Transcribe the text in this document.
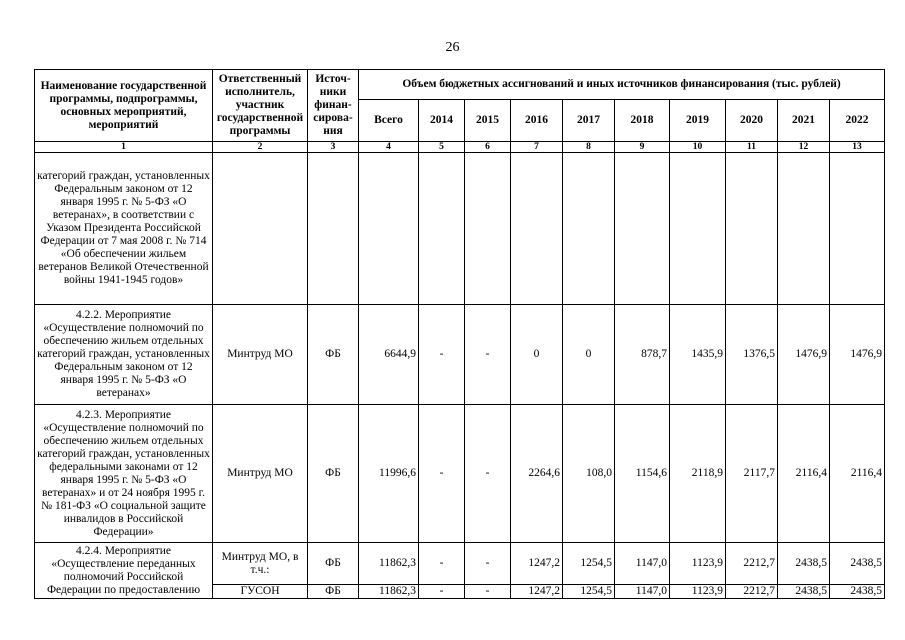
26
Наименование государственной программы, подпрограммы, основных мероприятий, мероприятий	Ответственный исполнитель, участник государственной программы	Источ- ники финан- сирова- ния	Объем бюджетных ассигнований и иных источников финансирования (тыс. рублей)									
			Всего	2014	2015	2016	2017	2018	2019	2020	2021	2022
1	2	3	4	5	6	7	8	9	10	11	12	13
категорий граждан, установленных Федеральным законом от 12 января 1995 г. № 5-ФЗ «О ветеранах», в соответствии с Указом Президента Российской Федерации от 7 мая 2008 г. № 714 «Об обеспечении жильем ветеранов Великой Отечественной войны 1941-1945 годов»												
4.2.2. Мероприятие «Осуществление полномочий по обеспечению жильем отдельных категорий граждан, установленных Федеральным законом от 12 января 1995 г. № 5-ФЗ «О ветеранах»	Минтруд МО	ФБ	6644,9	-	-	0	0	878,7	1435,9	1376,5	1476,9	1476,9
4.2.3. Мероприятие «Осуществление полномочий по обеспечению жильем отдельных категорий граждан, установленных федеральными законами от 12 января 1995 г. № 5-ФЗ «О ветеранах» и от 24 ноября 1995 г. № 181-ФЗ «О социальной защите инвалидов в Российской Федерации»	Минтруд МО	ФБ	11996,6	-	-	2264,6	108,0	1154,6	2118,9	2117,7	2116,4	2116,4
4.2.4. Мероприятие «Осуществление переданных полномочий Российской Федерации по предоставлению	Минтруд МО, в т.ч.:	ФБ	11862,3	-	-	1247,2	1254,5	1147,0	1123,9	2212,7	2438,5	2438,5
	ГУСОН	ФБ	11862,3	-	-	1247,2	1254,5	1147,0	1123,9	2212,7	2438,5	2438,5
